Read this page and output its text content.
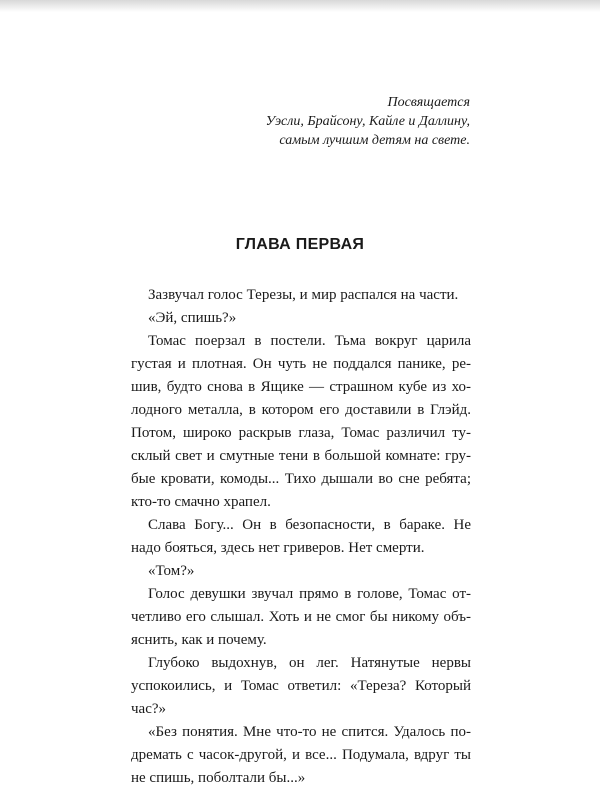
Посвящается
Уэсли, Брайсону, Кайле и Даллину,
самым лучшим детям на свете.
ГЛАВА ПЕРВАЯ
Зазвучал голос Терезы, и мир распался на части.
«Эй, спишь?»
Томас поерзал в постели. Тьма вокруг царила
густая и плотная. Он чуть не поддался панике, ре-
шив, будто снова в Ящике — страшном кубе из хо-
лодного металла, в котором его доставили в Глэйд.
Потом, широко раскрыв глаза, Томас различил ту-
склый свет и смутные тени в большой комнате: гру-
бые кровати, комоды... Тихо дышали во сне ребята;
кто-то смачно храпел.
Слава Богу... Он в безопасности, в бараке. Не
надо бояться, здесь нет гриверов. Нет смерти.
«Том?»
Голос девушки звучал прямо в голове, Томас от-
четливо его слышал. Хоть и не смог бы никому объ-
яснить, как и почему.
Глубоко выдохнув, он лег. Натянутые нервы
успокоились, и Томас ответил: «Тереза? Который
час?»
«Без понятия. Мне что-то не спится. Удалось по-
дремать с часок-другой, и все... Подумала, вдруг ты
не спишь, поболтали бы...»
